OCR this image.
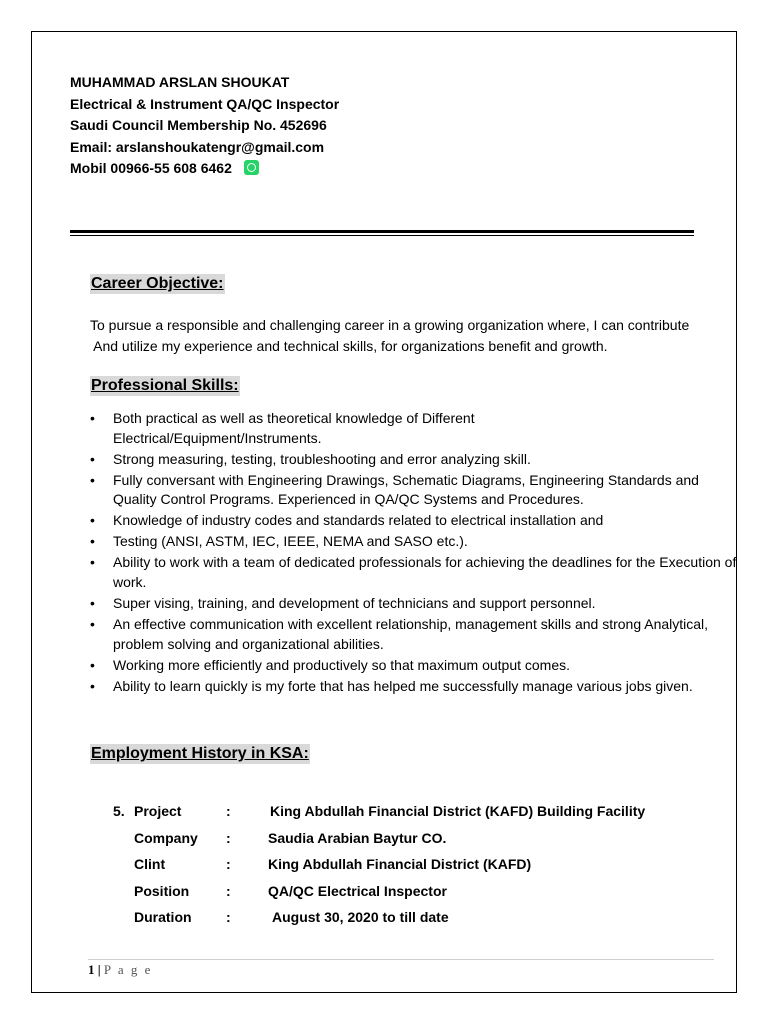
MUHAMMAD ARSLAN SHOUKAT
Electrical & Instrument QA/QC Inspector
Saudi Council Membership No. 452696
Email: arslanshoukatengr@gmail.com
Mobil 00966-55 608 6462
Career Objective:
To pursue a responsible and challenging career in a growing organization where, I can contribute
And utilize my experience and technical skills, for organizations benefit and growth.
Professional Skills:
• Both practical as well as theoretical knowledge of Different Electrical/Equipment/Instruments.
• Strong measuring, testing, troubleshooting and error analyzing skill.
• Fully conversant with Engineering Drawings, Schematic Diagrams, Engineering Standards and Quality Control Programs. Experienced in QA/QC Systems and Procedures.
• Knowledge of industry codes and standards related to electrical installation and
• Testing (ANSI, ASTM, IEC, IEEE, NEMA and SASO etc.).
• Ability to work with a team of dedicated professionals for achieving the deadlines for the Execution of work.
• Super vising, training, and development of technicians and support personnel.
• An effective communication with excellent relationship, management skills and strong Analytical, problem solving and organizational abilities.
• Working more efficiently and productively so that maximum output comes.
• Ability to learn quickly is my forte that has helped me successfully manage various jobs given.
Employment History in KSA:
5. Project	:	King Abdullah Financial District (KAFD) Building Facility
Company :	Saudia Arabian Baytur CO.
Clint	:	King Abdullah Financial District (KAFD)
Position	:	QA/QC Electrical Inspector
Duration :	August 30, 2020 to till date
1 | P a g e
